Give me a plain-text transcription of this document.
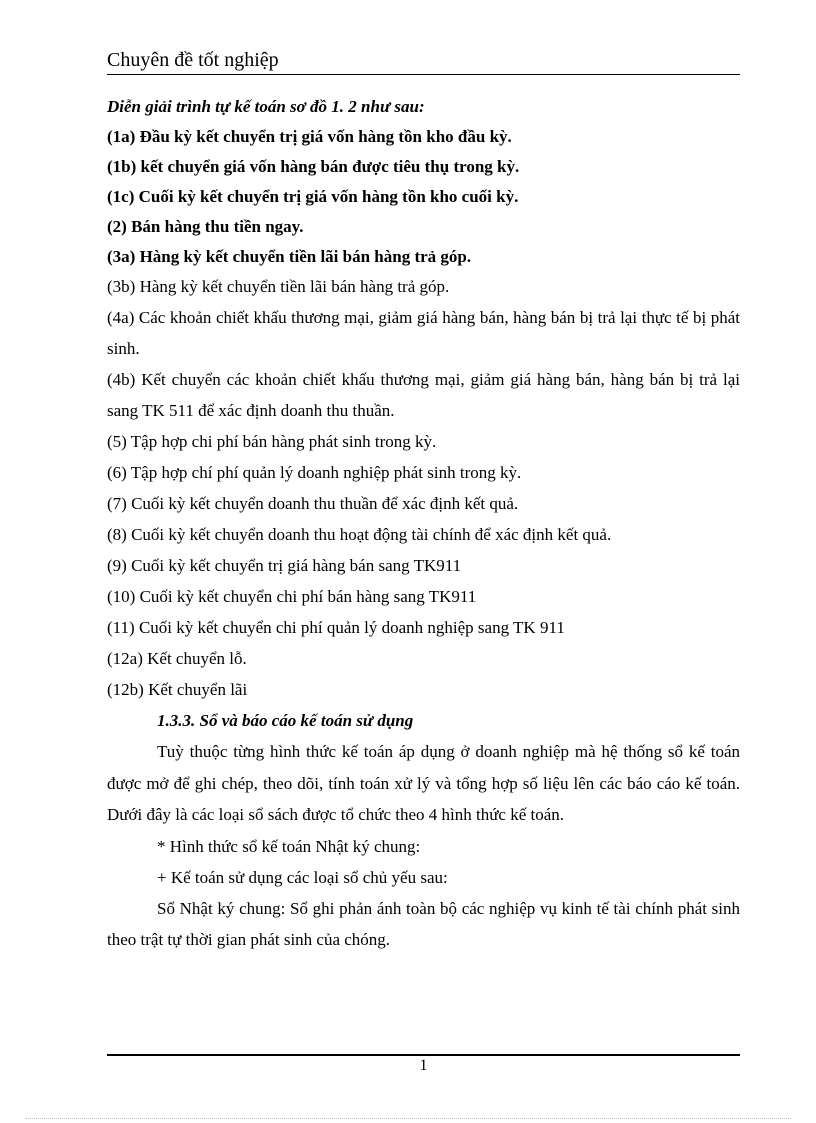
Chuyên đề tốt nghiệp
Diễn giải trình tự kế toán sơ đồ 1. 2 như sau:
(1a) Đầu kỳ kết chuyển trị giá vốn hàng tồn kho đầu kỳ.
(1b) kết chuyển giá vốn hàng bán được tiêu thụ trong kỳ.
(1c) Cuối kỳ kết chuyển trị giá vốn hàng tồn kho cuối kỳ.
(2) Bán hàng thu tiền ngay.
(3a) Hàng kỳ kết chuyển tiền lãi bán hàng trả góp.
(3b) Hàng kỳ kết chuyển tiền lãi bán hàng trả góp.
(4a) Các khoản chiết khấu thương mại, giảm giá hàng bán, hàng bán bị trả lại thực tế bị phát sinh.
(4b) Kết chuyển các khoản chiết khấu thương mại, giảm giá hàng bán, hàng bán bị trả lại sang TK 511 để xác định doanh thu thuần.
(5) Tập hợp chi phí bán hàng phát sinh trong kỳ.
(6) Tập hợp chí phí quản lý doanh nghiệp phát sinh trong kỳ.
(7) Cuối kỳ kết chuyển doanh thu thuần để xác định kết quả.
(8) Cuối kỳ kết chuyển doanh thu hoạt động tài chính để xác định kết quả.
(9) Cuối kỳ kết chuyển trị giá hàng bán sang TK911
(10) Cuối kỳ kết chuyển chi phí bán hàng sang TK911
(11) Cuối kỳ kết chuyển chi phí quản lý doanh nghiệp sang TK 911
(12a) Kết chuyển lỗ.
(12b) Kết chuyển lãi
1.3.3. Sổ và báo cáo kế toán sử dụng
Tuỳ thuộc từng hình thức kế toán áp dụng ở doanh nghiệp mà hệ thống sổ kế toán được mở để ghi chép, theo dõi, tính toán xử lý và tổng hợp số liệu lên các báo cáo kế toán. Dưới đây là các loại sổ sách được tổ chức theo 4 hình thức kế toán.
* Hình thức sổ kế toán Nhật ký chung:
+ Kế toán sử dụng các loại sổ chủ yếu sau:
Sổ Nhật ký chung: Sổ ghi phản ánh toàn bộ các nghiệp vụ kinh tế tài chính phát sinh theo trật tự thời gian phát sinh của chóng.
1
